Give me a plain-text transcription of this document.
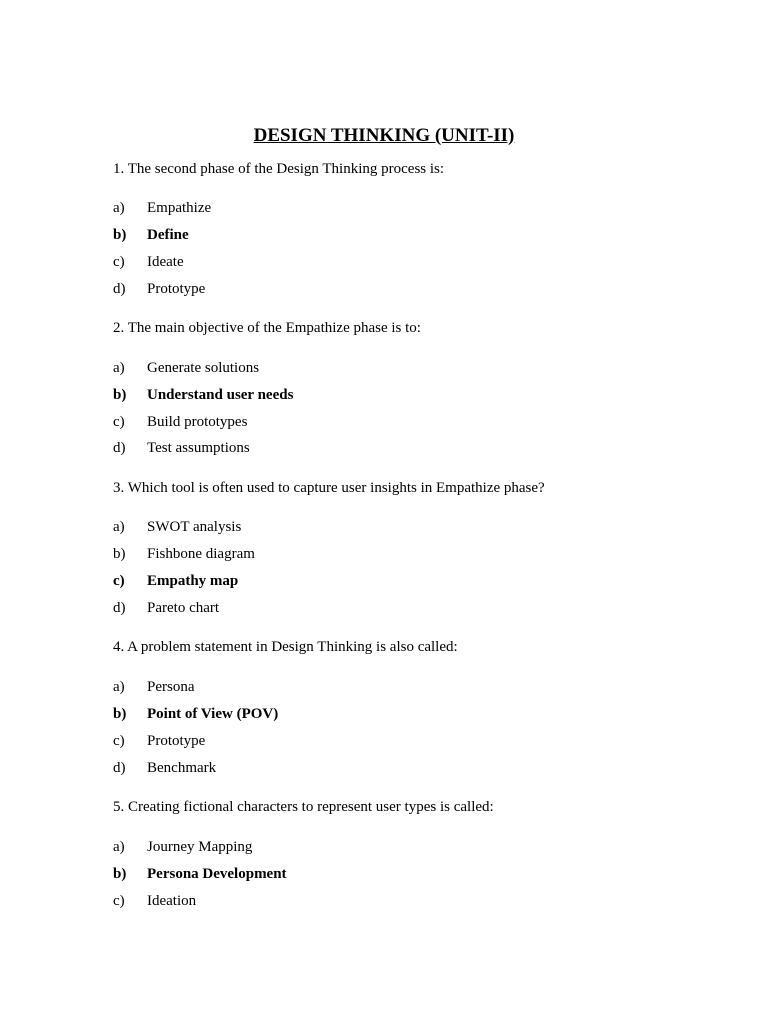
DESIGN THINKING (UNIT-II)
1. The second phase of the Design Thinking process is:
a) Empathize
b) Define
c) Ideate
d) Prototype
2. The main objective of the Empathize phase is to:
a) Generate solutions
b) Understand user needs
c) Build prototypes
d) Test assumptions
3. Which tool is often used to capture user insights in Empathize phase?
a) SWOT analysis
b) Fishbone diagram
c) Empathy map
d) Pareto chart
4. A problem statement in Design Thinking is also called:
a) Persona
b) Point of View (POV)
c) Prototype
d) Benchmark
5. Creating fictional characters to represent user types is called:
a) Journey Mapping
b) Persona Development
c) Ideation
